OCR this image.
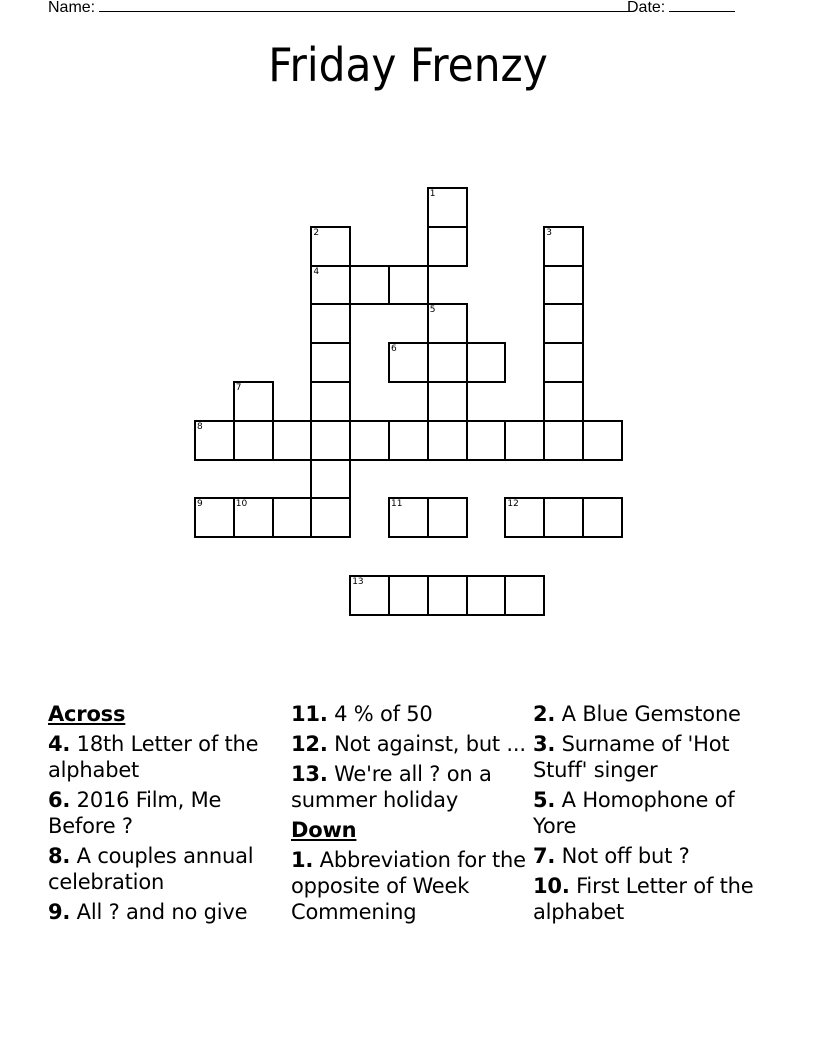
Name:	Date:
Friday Frenzy
1
2	3
4
5
6
7
8
9	10	11	12
13
Across
4. 18th Letter of the alphabet
6. 2016 Film, Me Before ?
8. A couples annual celebration
9. All ? and no give
11. 4 % of 50
12. Not against, but ...
13. We're all ? on a summer holiday
Down
1. Abbreviation for the opposite of Week Commening
2. A Blue Gemstone
3. Surname of 'Hot Stuff' singer
5. A Homophone of Yore
7. Not off but ?
10. First Letter of the alphabet
